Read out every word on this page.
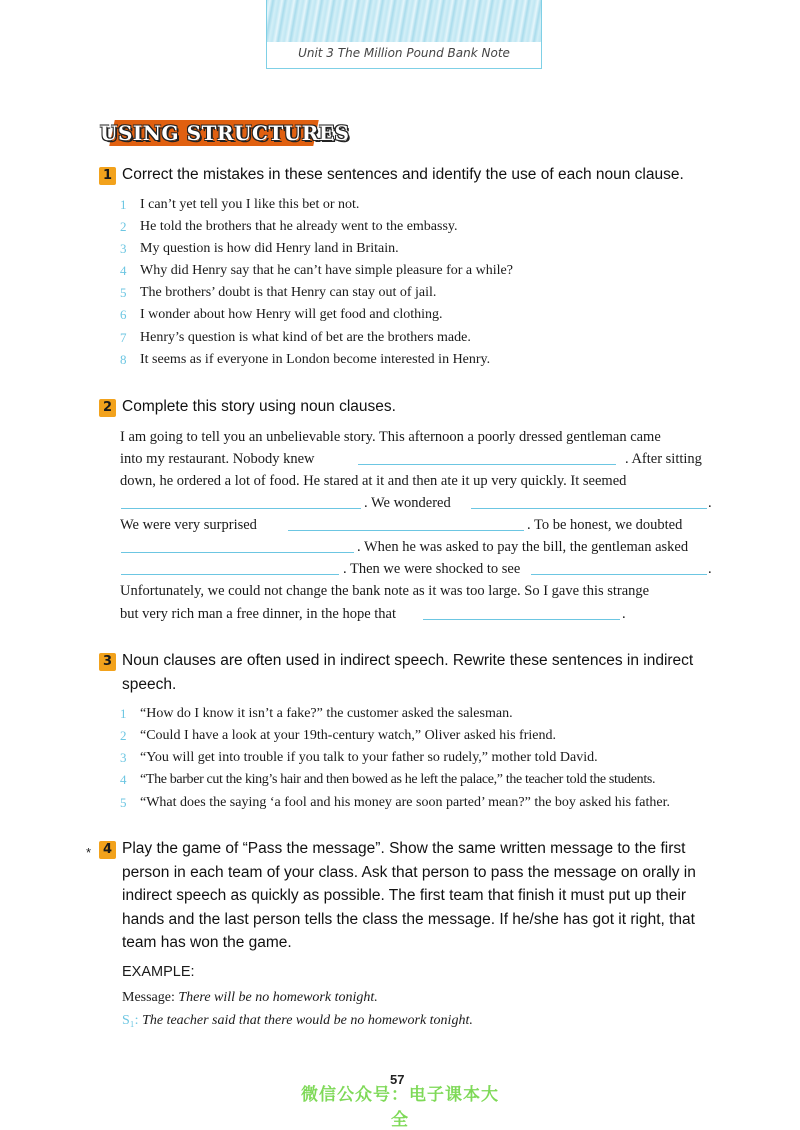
Unit 3 The Million Pound Bank Note
USING STRUCTURES
1 Correct the mistakes in these sentences and identify the use of each noun clause.
1 I can’t yet tell you I like this bet or not.
2 He told the brothers that he already went to the embassy.
3 My question is how did Henry land in Britain.
4 Why did Henry say that he can’t have simple pleasure for a while?
5 The brothers’ doubt is that Henry can stay out of jail.
6 I wonder about how Henry will get food and clothing.
7 Henry’s question is what kind of bet are the brothers made.
8 It seems as if everyone in London become interested in Henry.
2 Complete this story using noun clauses.
I am going to tell you an unbelievable story. This afternoon a poorly dressed gentleman came
into my restaurant. Nobody knew	. After sitting
down, he ordered a lot of food. He stared at it and then ate it up very quickly. It seemed
. We wondered	.
We were very surprised	. To be honest, we doubted
. When he was asked to pay the bill, the gentleman asked
. Then we were shocked to see	.
Unfortunately, we could not change the bank note as it was too large. So I gave this strange
but very rich man a free dinner, in the hope that	.
3 Noun clauses are often used in indirect speech. Rewrite these sentences in indirect
speech.
1 “How do I know it isn’t a fake?” the customer asked the salesman.
2 “Could I have a look at your 19th-century watch,” Oliver asked his friend.
3 “You will get into trouble if you talk to your father so rudely,” mother told David.
4 “The barber cut the king’s hair and then bowed as he left the palace,” the teacher told the students.
5 “What does the saying ‘a fool and his money are soon parted’ mean?” the boy asked his father.
* 4 Play the game of “Pass the message”. Show the same written message to the first
person in each team of your class. Ask that person to pass the message on orally in
indirect speech as quickly as possible. The first team that finish it must put up their
hands and the last person tells the class the message. If he/she has got it right, that
team has won the game.
EXAMPLE:
Message: There will be no homework tonight.
S₁: The teacher said that there would be no homework tonight.
57
微信公众号：电子课本大全
